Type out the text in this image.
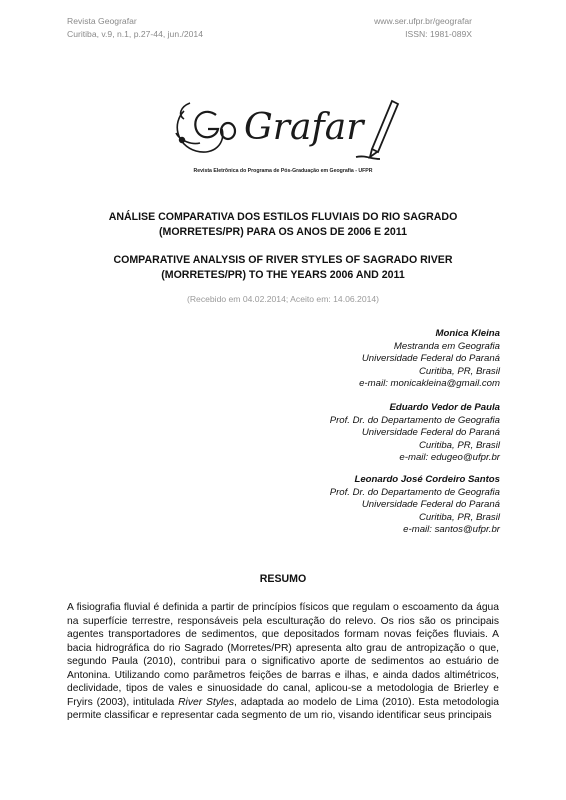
Revista Geografar
Curitiba, v.9, n.1, p.27-44, jun./2014
www.ser.ufpr.br/geografar
ISSN: 1981-089X
Grafar
Revista Eletrônica do Programa de Pós-Graduação em Geografia - UFPR
ANÁLISE COMPARATIVA DOS ESTILOS FLUVIAIS DO RIO SAGRADO
(MORRETES/PR) PARA OS ANOS DE 2006 E 2011
COMPARATIVE ANALYSIS OF RIVER STYLES OF SAGRADO RIVER
(MORRETES/PR) TO THE YEARS 2006 AND 2011
(Recebido em 04.02.2014; Aceito em: 14.06.2014)
Monica Kleina
Mestranda em Geografia
Universidade Federal do Paraná
Curitiba, PR, Brasil
e-mail: monicakleina@gmail.com
Eduardo Vedor de Paula
Prof. Dr. do Departamento de Geografia
Universidade Federal do Paraná
Curitiba, PR, Brasil
e-mail: edugeo@ufpr.br
Leonardo José Cordeiro Santos
Prof. Dr. do Departamento de Geografia
Universidade Federal do Paraná
Curitiba, PR, Brasil
e-mail: santos@ufpr.br
RESUMO
A fisiografia fluvial é definida a partir de princípios físicos que regulam o escoamento da água na superfície terrestre, responsáveis pela esculturação do relevo. Os rios são os principais agentes transportadores de sedimentos, que depositados formam novas feições fluviais. A bacia hidrográfica do rio Sagrado (Morretes/PR) apresenta alto grau de antropização o que, segundo Paula (2010), contribui para o significativo aporte de sedimentos ao estuário de Antonina. Utilizando como parâmetros feições de barras e ilhas, e ainda dados altimétricos, declividade, tipos de vales e sinuosidade do canal, aplicou-se a metodologia de Brierley e Fryirs (2003), intitulada River Styles, adaptada ao modelo de Lima (2010). Esta metodologia permite classificar e representar cada segmento de um rio, visando identificar seus principais
